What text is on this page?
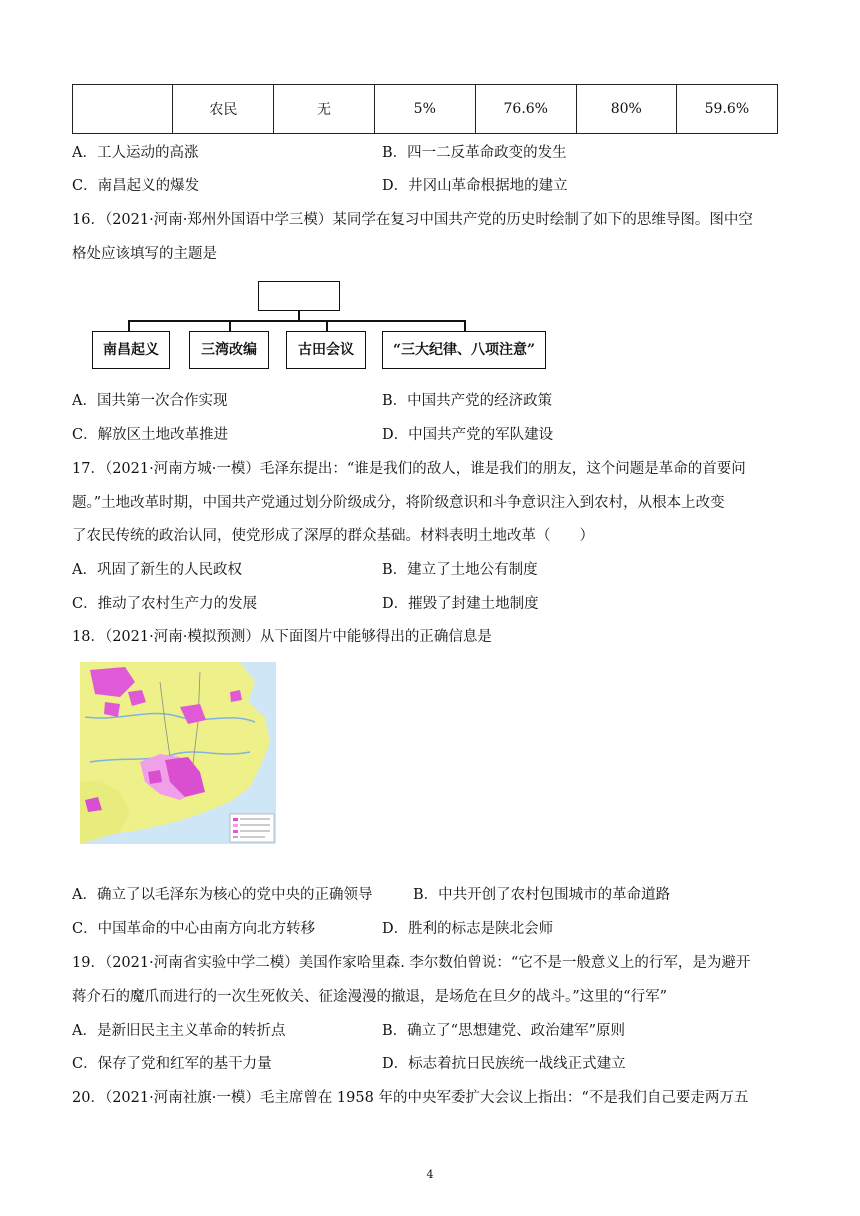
	农民	无	5%	76.6%	80%	59.6%
A．工人运动的高涨	B．四一二反革命政变的发生
C．南昌起义的爆发	D．井冈山革命根据地的建立
16．（2021·河南·郑州外国语中学三模）某同学在复习中国共产党的历史时绘制了如下的思维导图。图中空
格处应该填写的主题是
南昌起义	三湾改编	古田会议	“三大纪律、八项注意”
A．国共第一次合作实现	B．中国共产党的经济政策
C．解放区土地改革推进	D．中国共产党的军队建设
17．（2021·河南方城·一模）毛泽东提出：“谁是我们的敌人，谁是我们的朋友，这个问题是革命的首要问
题。”土地改革时期，中国共产党通过划分阶级成分，将阶级意识和斗争意识注入到农村，从根本上改变
了农民传统的政治认同，使党形成了深厚的群众基础。材料表明土地改革（　　）
A．巩固了新生的人民政权	B．建立了土地公有制度
C．推动了农村生产力的发展	D．摧毁了封建土地制度
18．（2021·河南·模拟预测）从下面图片中能够得出的正确信息是
A．确立了以毛泽东为核心的党中央的正确领导	B．中共开创了农村包围城市的革命道路
C．中国革命的中心由南方向北方转移	D．胜利的标志是陕北会师
19．（2021·河南省实验中学二模）美国作家哈里森. 李尔数伯曾说：“它不是一般意义上的行军，是为避开
蒋介石的魔爪而进行的一次生死攸关、征途漫漫的撤退，是场危在旦夕的战斗。”这里的“行军”
A．是新旧民主主义革命的转折点	B．确立了“思想建党、政治建军”原则
C．保存了党和红军的基干力量	D．标志着抗日民族统一战线正式建立
20．（2021·河南社旗·一模）毛主席曾在 1958 年的中央军委扩大会议上指出：“不是我们自己要走两万五
4
